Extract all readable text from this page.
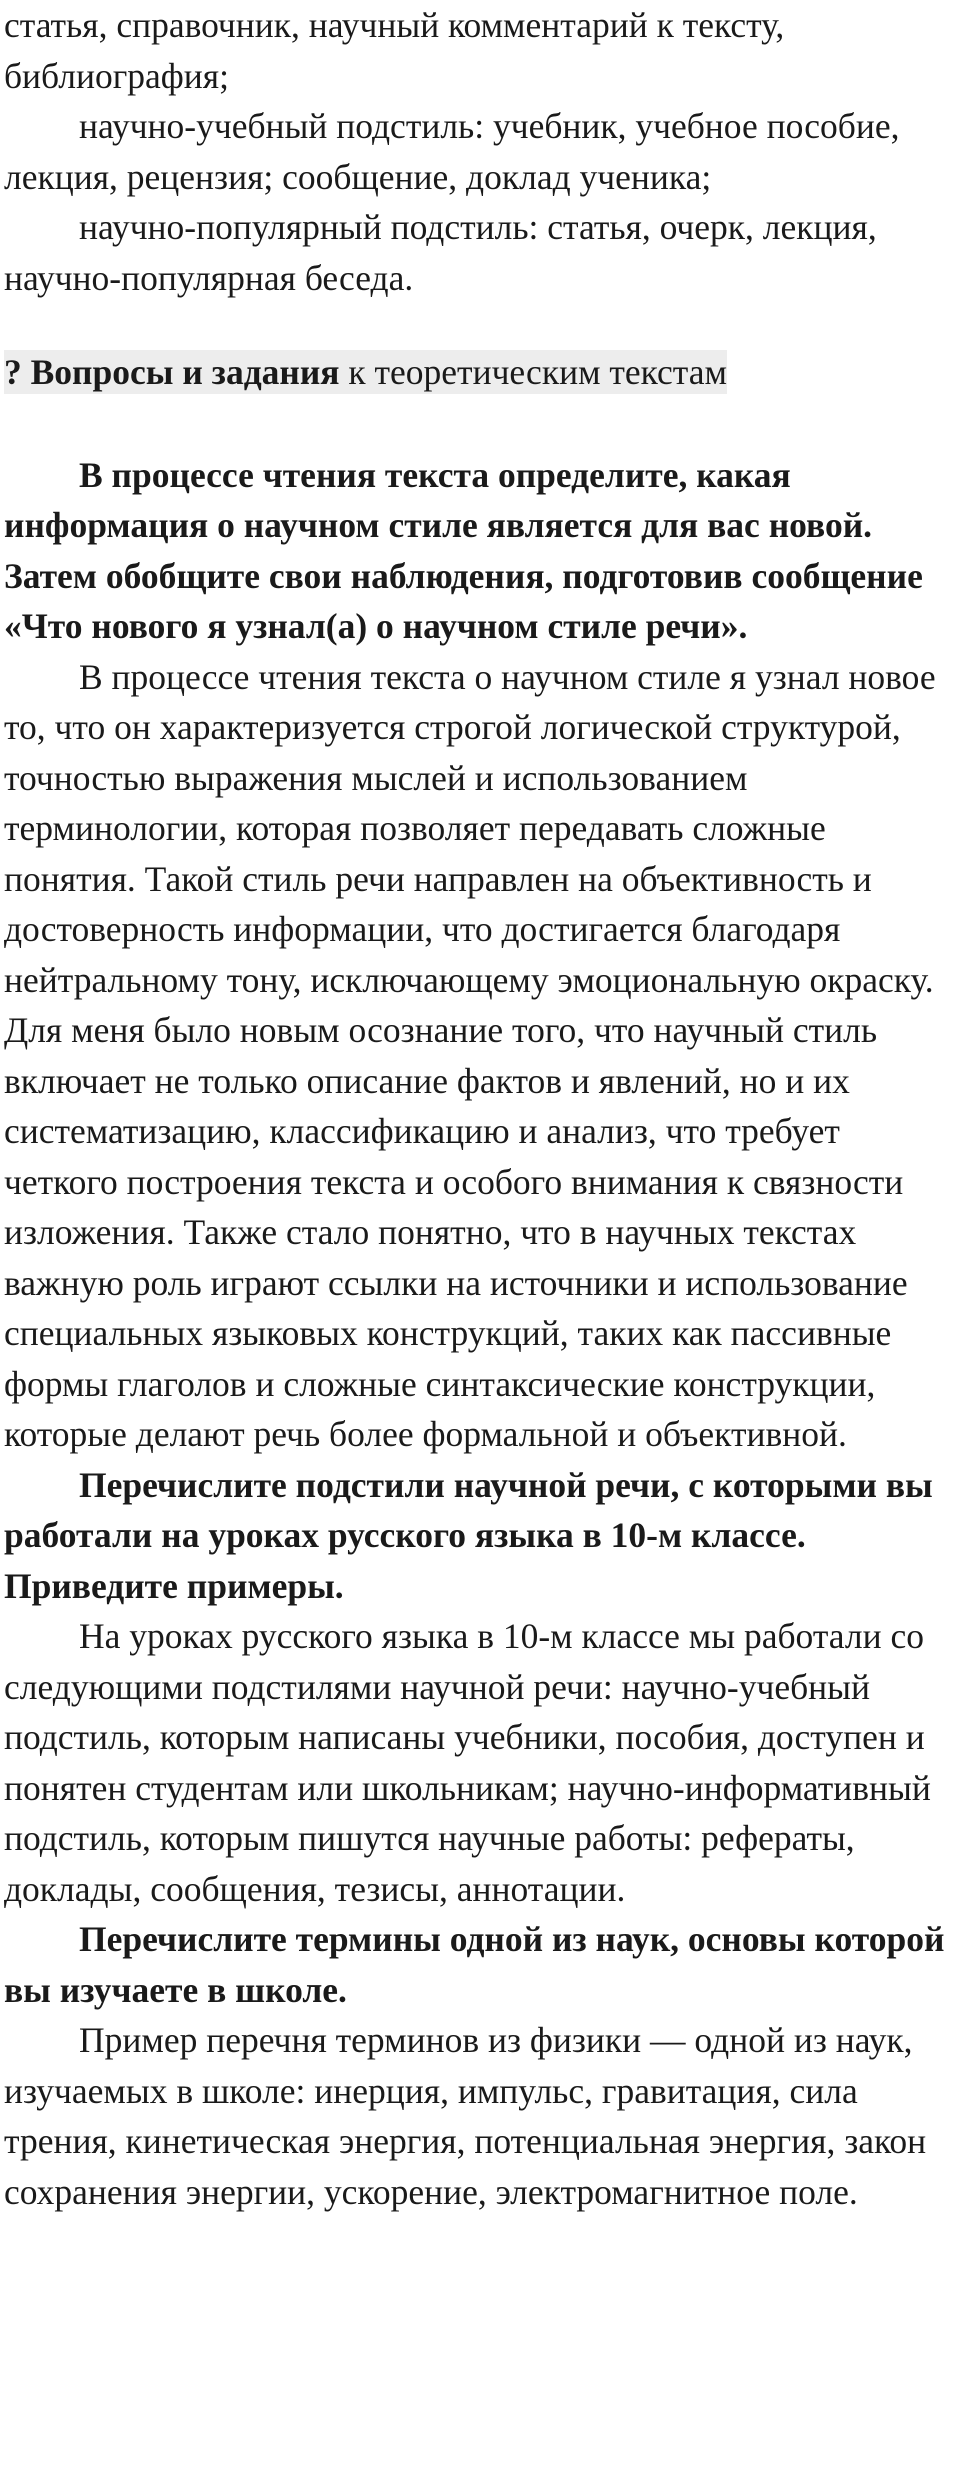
статья, справочник, научный комментарий к тексту, библиография;

научно-учебный подстиль: учебник, учебное пособие, лекция, рецензия; сообщение, доклад ученика;

научно-популярный подстиль: статья, очерк, лекция, научно-популярная беседа.

? Вопросы и задания к теоретическим текстам

В процессе чтения текста определите, какая информация о научном стиле является для вас новой. Затем обобщите свои наблюдения, подготовив сообщение «Что нового я узнал(а) о научном стиле речи».

В процессе чтения текста о научном стиле я узнал новое то, что он характеризуется строгой логической структурой, точностью выражения мыслей и использованием терминологии, которая позволяет передавать сложные понятия. Такой стиль речи направлен на объективность и достоверность информации, что достигается благодаря нейтральному тону, исключающему эмоциональную окраску. Для меня было новым осознание того, что научный стиль включает не только описание фактов и явлений, но и их систематизацию, классификацию и анализ, что требует четкого построения текста и особого внимания к связности изложения. Также стало понятно, что в научных текстах важную роль играют ссылки на источники и использование специальных языковых конструкций, таких как пассивные формы глаголов и сложные синтаксические конструкции, которые делают речь более формальной и объективной.

Перечислите подстили научной речи, с которыми вы работали на уроках русского языка в 10-м классе. Приведите примеры.

На уроках русского языка в 10-м классе мы работали со следующими подстилями научной речи: научно-учебный подстиль, которым написаны учебники, пособия, доступен и понятен студентам или школьникам; научно-информативный подстиль, которым пишутся научные работы: рефераты, доклады, сообщения, тезисы, аннотации.

Перечислите термины одной из наук, основы которой вы изучаете в школе.

Пример перечня терминов из физики — одной из наук, изучаемых в школе: инерция, импульс, гравитация, сила трения, кинетическая энергия, потенциальная энергия, закон сохранения энергии, ускорение, электромагнитное поле.
